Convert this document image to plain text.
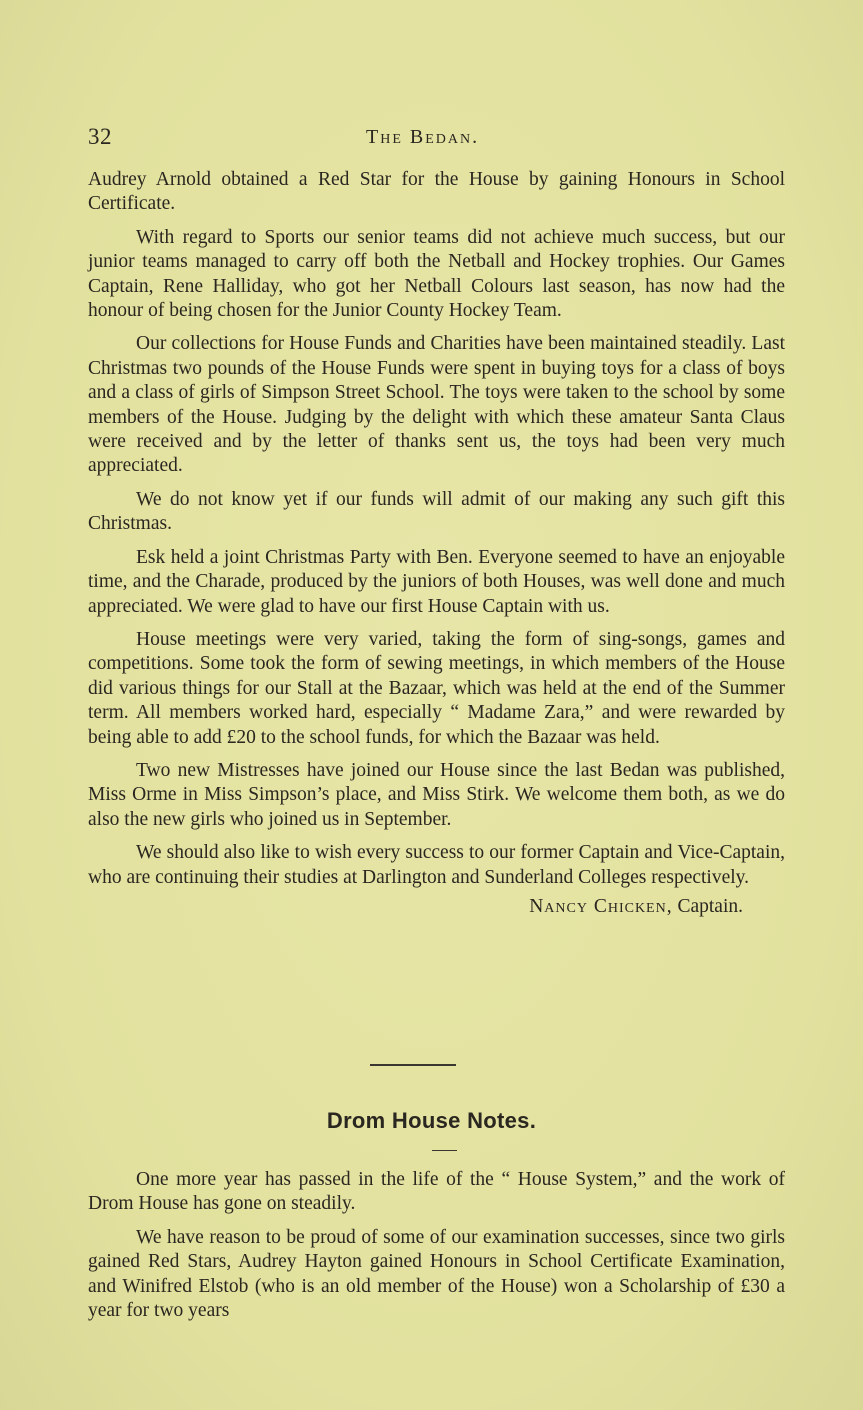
32	The Bedan.

Audrey Arnold obtained a Red Star for the House by gaining Honours in School Certificate.

With regard to Sports our senior teams did not achieve much success, but our junior teams managed to carry off both the Netball and Hockey trophies. Our Games Captain, Rene Halliday, who got her Netball Colours last season, has now had the honour of being chosen for the Junior County Hockey Team.

Our collections for House Funds and Charities have been maintained steadily. Last Christmas two pounds of the House Funds were spent in buying toys for a class of boys and a class of girls of Simpson Street School. The toys were taken to the school by some members of the House. Judging by the delight with which these amateur Santa Claus were received and by the letter of thanks sent us, the toys had been very much appreciated.

We do not know yet if our funds will admit of our making any such gift this Christmas.

Esk held a joint Christmas Party with Ben. Everyone seemed to have an enjoyable time, and the Charade, produced by the juniors of both Houses, was well done and much appreciated. We were glad to have our first House Captain with us.

House meetings were very varied, taking the form of sing-songs, games and competitions. Some took the form of sewing meetings, in which members of the House did various things for our Stall at the Bazaar, which was held at the end of the Summer term. All members worked hard, especially “ Madame Zara,” and were rewarded by being able to add £20 to the school funds, for which the Bazaar was held.

Two new Mistresses have joined our House since the last Bedan was published, Miss Orme in Miss Simpson’s place, and Miss Stirk. We welcome them both, as we do also the new girls who joined us in September.

We should also like to wish every success to our former Captain and Vice-Captain, who are continuing their studies at Darlington and Sunderland Colleges respectively.

Nancy Chicken, Captain.
Drom House Notes.

One more year has passed in the life of the “ House System,” and the work of Drom House has gone on steadily.

We have reason to be proud of some of our examination successes, since two girls gained Red Stars, Audrey Hayton gained Honours in School Certificate Examination, and Winifred Elstob (who is an old member of the House) won a Scholarship of £30 a year for two years
